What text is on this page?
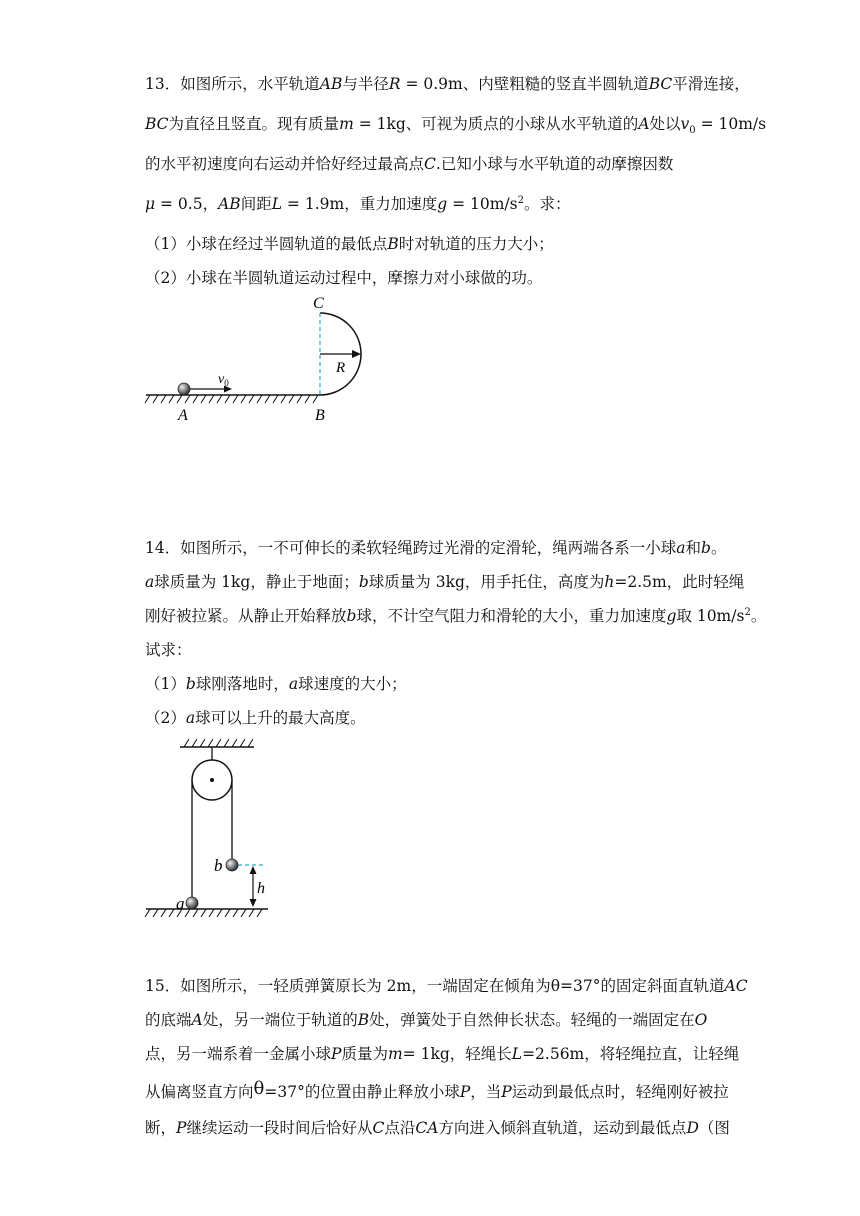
13．如图所示，水平轨道AB与半径R = 0.9m、内壁粗糙的竖直半圆轨道BC平滑连接，
BC为直径且竖直。现有质量m = 1kg、可视为质点的小球从水平轨道的A处以$v_0 = 10m/s$
的水平初速度向右运动并恰好经过最高点C.已知小球与水平轨道的动摩擦因数
μ = 0.5，AB间距L = 1.9m，重力加速度$g = 10m/s^2$。求：
（1）小球在经过半圆轨道的最低点B时对轨道的压力大小；
（2）小球在半圆轨道运动过程中，摩擦力对小球做的功。
C
R
$v_0$
A	B
14．如图所示，一不可伸长的柔软轻绳跨过光滑的定滑轮，绳两端各系一小球a和b。
a球质量为 1kg，静止于地面；b球质量为 3kg，用手托住，高度为h=2.5m，此时轻绳
刚好被拉紧。从静止开始释放b球，不计空气阻力和滑轮的大小，重力加速度g取 $10m/s^2$。
试求：
（1）b球刚落地时，a球速度的大小；
（2）a球可以上升的最大高度。
b
h
a
15．如图所示，一轻质弹簧原长为 2m，一端固定在倾角为θ=37°的固定斜面直轨道AC
的底端A处，另一端位于轨道的B处，弹簧处于自然伸长状态。轻绳的一端固定在O
点，另一端系着一金属小球P质量为m= 1kg，轻绳长L=2.56m，将轻绳拉直，让轻绳
从偏离竖直方向θ=37°的位置由静止释放小球P，当P运动到最低点时，轻绳刚好被拉
断，P继续运动一段时间后恰好从C点沿CA方向进入倾斜直轨道，运动到最低点D（图
